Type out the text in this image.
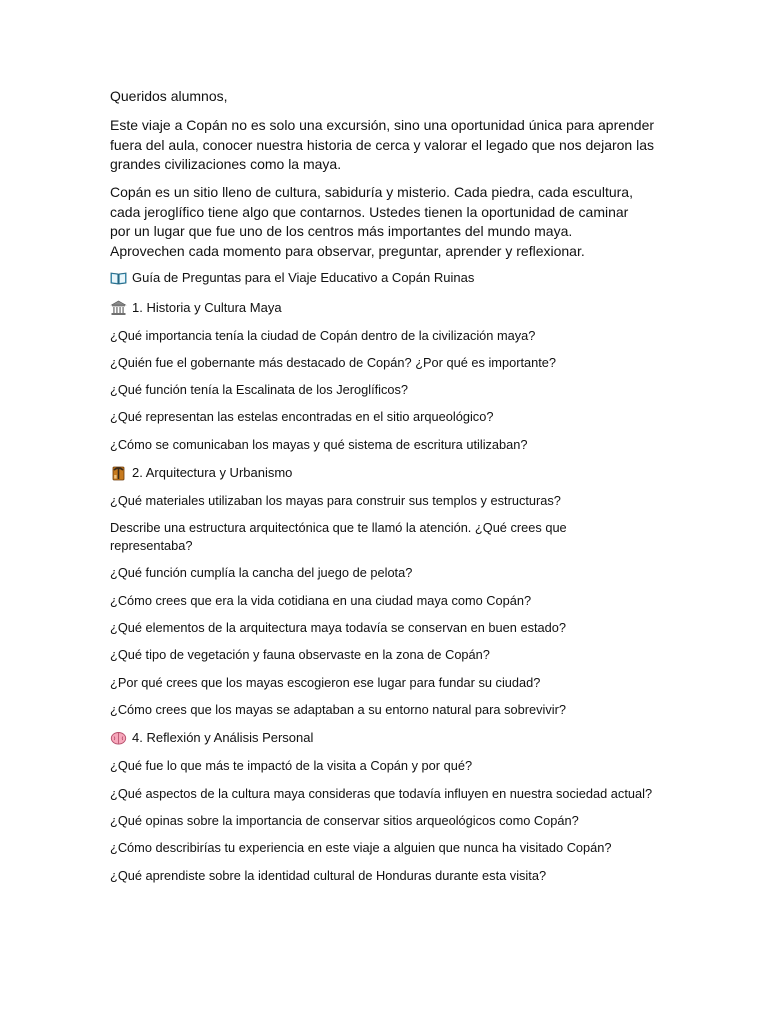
Queridos alumnos,

Este viaje a Copán no es solo una excursión, sino una oportunidad única para aprender

fuera del aula, conocer nuestra historia de cerca y valorar el legado que nos dejaron las

grandes civilizaciones como la maya.

Copán es un sitio lleno de cultura, sabiduría y misterio. Cada piedra, cada escultura,

cada jeroglífico tiene algo que contarnos. Ustedes tienen la oportunidad de caminar

por un lugar que fue uno de los centros más importantes del mundo maya.

Aprovechen cada momento para observar, preguntar, aprender y reflexionar.

Guía de Preguntas para el Viaje Educativo a Copán Ruinas
1. Historia y Cultura Maya

¿Qué importancia tenía la ciudad de Copán dentro de la civilización maya?

¿Quién fue el gobernante más destacado de Copán? ¿Por qué es importante?

¿Qué función tenía la Escalinata de los Jeroglíficos?

¿Qué representan las estelas encontradas en el sitio arqueológico?

¿Cómo se comunicaban los mayas y qué sistema de escritura utilizaban?

2. Arquitectura y Urbanismo

¿Qué materiales utilizaban los mayas para construir sus templos y estructuras?

Describe una estructura arquitectónica que te llamó la atención. ¿Qué crees que

representaba?

¿Qué función cumplía la cancha del juego de pelota?

¿Cómo crees que era la vida cotidiana en una ciudad maya como Copán?

¿Qué elementos de la arquitectura maya todavía se conservan en buen estado?

¿Qué tipo de vegetación y fauna observaste en la zona de Copán?

¿Por qué crees que los mayas escogieron ese lugar para fundar su ciudad?

¿Cómo crees que los mayas se adaptaban a su entorno natural para sobrevivir?

4. Reflexión y Análisis Personal

¿Qué fue lo que más te impactó de la visita a Copán y por qué?

¿Qué aspectos de la cultura maya consideras que todavía influyen en nuestra sociedad actual?

¿Qué opinas sobre la importancia de conservar sitios arqueológicos como Copán?

¿Cómo describirías tu experiencia en este viaje a alguien que nunca ha visitado Copán?

¿Qué aprendiste sobre la identidad cultural de Honduras durante esta visita?
